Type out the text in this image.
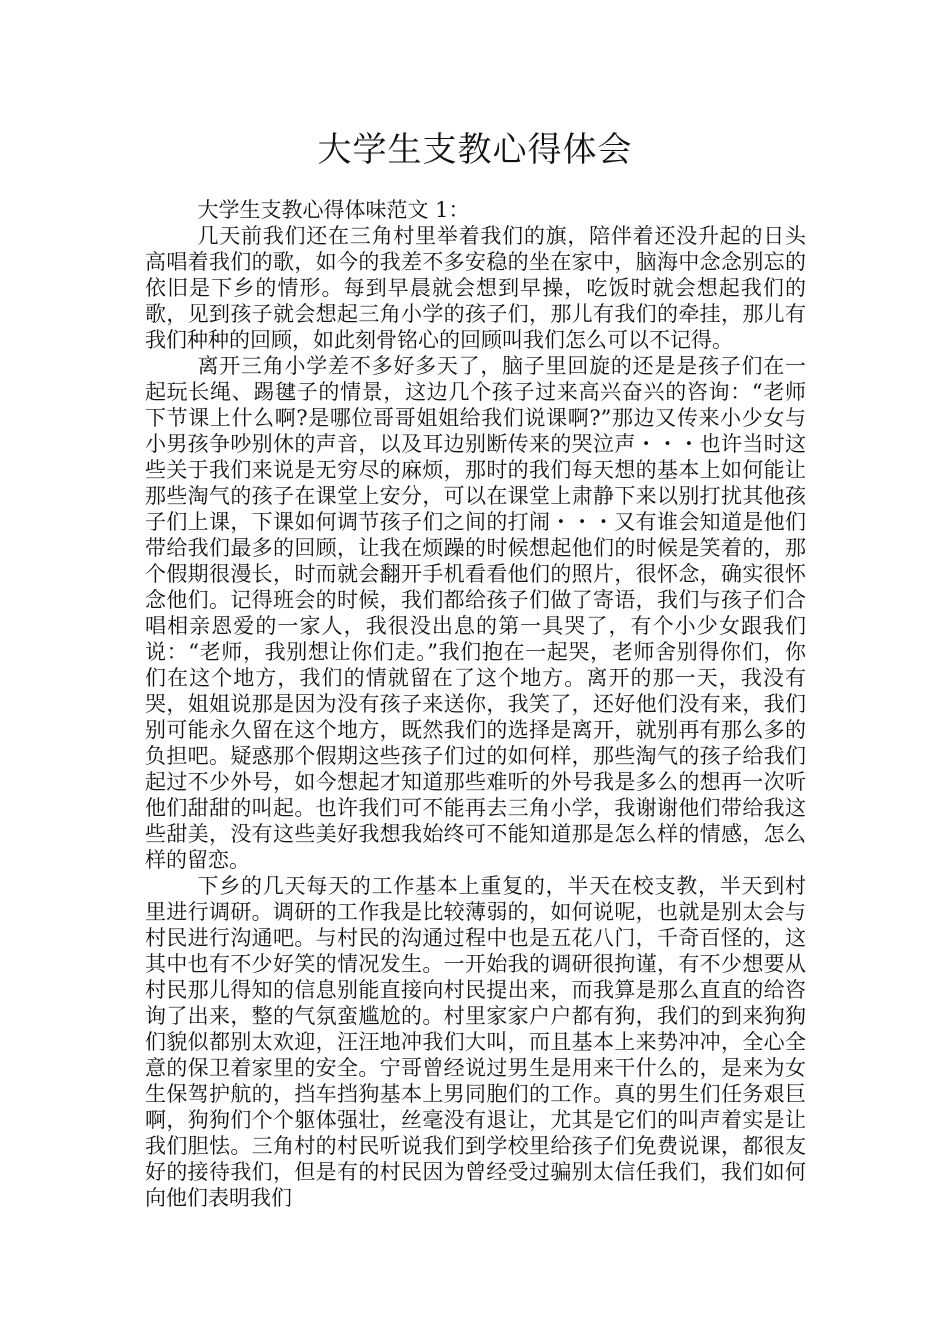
大学生支教心得体会

大学生支教心得体味范文 1：

几天前我们还在三角村里举着我们的旗，陪伴着还没升起的日头高唱着我们的歌，如今的我差不多安稳的坐在家中，脑海中念念别忘的依旧是下乡的情形。每到早晨就会想到早操，吃饭时就会想起我们的歌，见到孩子就会想起三角小学的孩子们，那儿有我们的牵挂，那儿有我们种种的回顾，如此刻骨铭心的回顾叫我们怎么可以不记得。

离开三角小学差不多好多天了，脑子里回旋的还是是孩子们在一起玩长绳、踢毽子的情景，这边几个孩子过来高兴奋兴的咨询：“老师下节课上什么啊?是哪位哥哥姐姐给我们说课啊?”那边又传来小少女与小男孩争吵别休的声音，以及耳边别断传来的哭泣声・・・也许当时这些关于我们来说是无穷尽的麻烦，那时的我们每天想的基本上如何能让那些淘气的孩子在课堂上安分，可以在课堂上肃静下来以别打扰其他孩子们上课，下课如何调节孩子们之间的打闹・・・又有谁会知道是他们带给我们最多的回顾，让我在烦躁的时候想起他们的时候是笑着的，那个假期很漫长，时而就会翻开手机看看他们的照片，很怀念，确实很怀念他们。记得班会的时候，我们都给孩子们做了寄语，我们与孩子们合唱相亲恩爱的一家人，我很没出息的第一具哭了，有个小少女跟我们说：“老师，我别想让你们走。”我们抱在一起哭，老师舍别得你们，你们在这个地方，我们的情就留在了这个地方。离开的那一天，我没有哭，姐姐说那是因为没有孩子来送你，我笑了，还好他们没有来，我们别可能永久留在这个地方，既然我们的选择是离开，就别再有那么多的负担吧。疑惑那个假期这些孩子们过的如何样，那些淘气的孩子给我们起过不少外号，如今想起才知道那些难听的外号我是多么的想再一次听他们甜甜的叫起。也许我们可不能再去三角小学，我谢谢他们带给我这些甜美，没有这些美好我想我始终可不能知道那是怎么样的情感，怎么样的留恋。

下乡的几天每天的工作基本上重复的，半天在校支教，半天到村里进行调研。调研的工作我是比较薄弱的，如何说呢，也就是别太会与村民进行沟通吧。与村民的沟通过程中也是五花八门，千奇百怪的，这其中也有不少好笑的情况发生。一开始我的调研很拘谨，有不少想要从村民那儿得知的信息别能直接向村民提出来，而我算是那么直直的给咨询了出来，整的气氛蛮尴尬的。村里家家户户都有狗，我们的到来狗狗们貌似都别太欢迎，汪汪地冲我们大叫，而且基本上来势冲冲，全心全意的保卫着家里的安全。宁哥曾经说过男生是用来干什么的，是来为女生保驾护航的，挡车挡狗基本上男同胞们的工作。真的男生们任务艰巨啊，狗狗们个个躯体强壮，丝毫没有退让，尤其是它们的叫声着实是让我们胆怯。三角村的村民听说我们到学校里给孩子们免费说课，都很友好的接待我们，但是有的村民因为曾经受过骗别太信任我们，我们如何向他们表明我们
